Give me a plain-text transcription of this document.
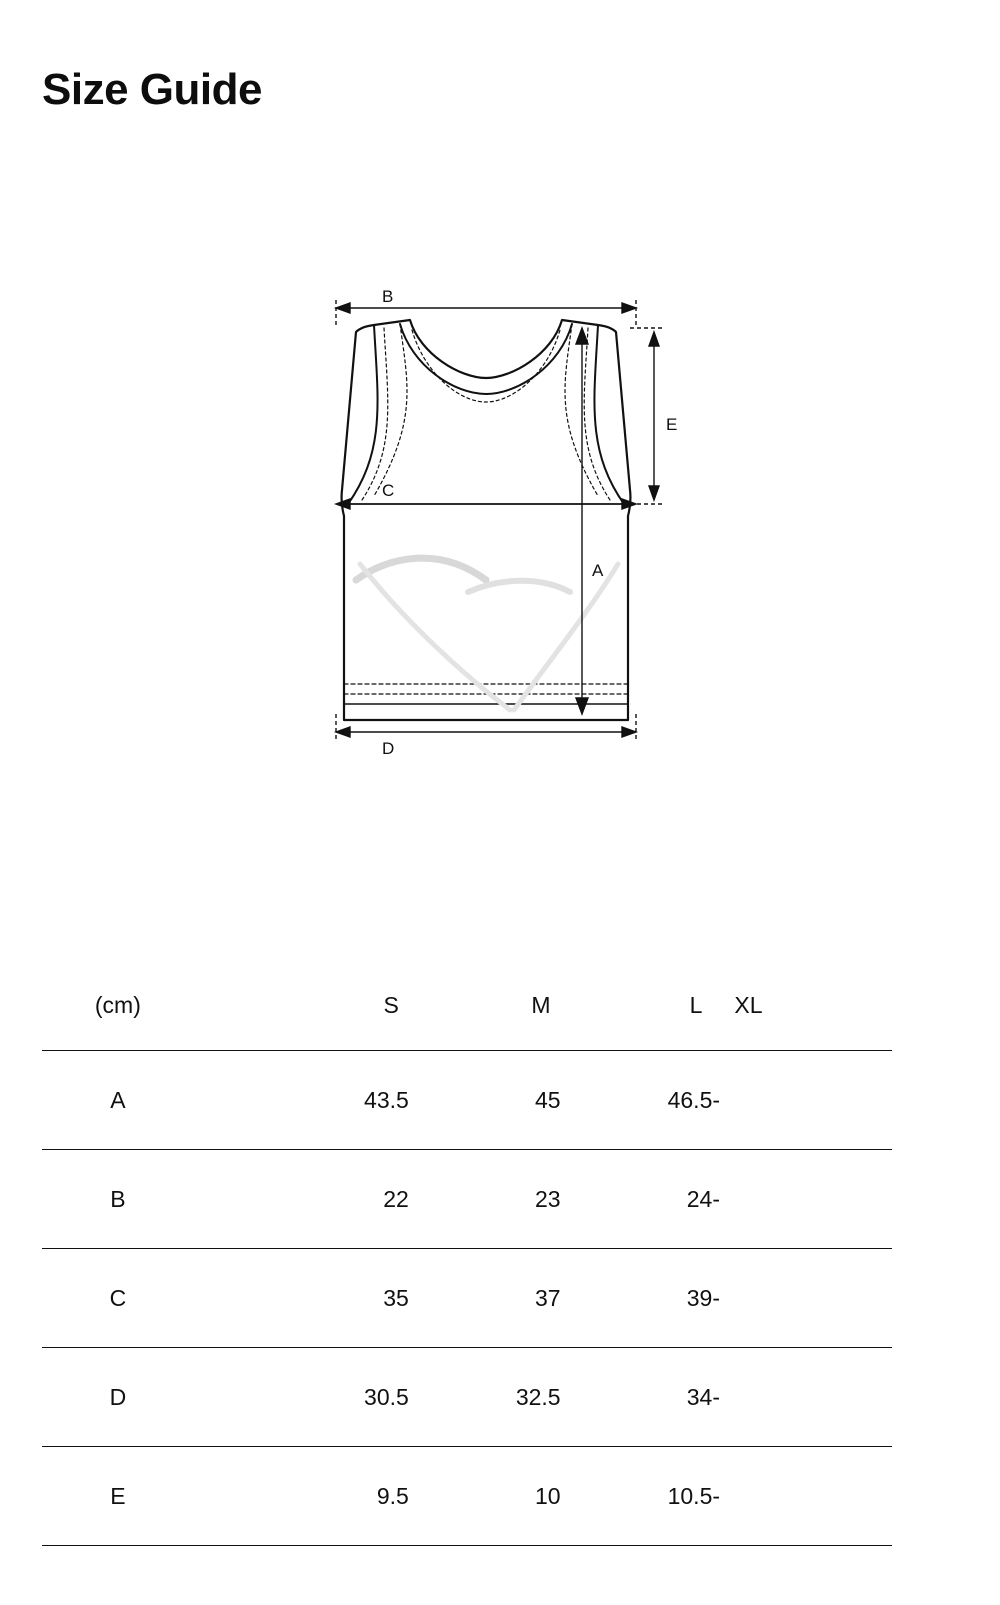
Size Guide
B
E
C
A
D
(cm)	S	M	L	XL
A	43.5	45	46.5	-
B	22	23	24	-
C	35	37	39	-
D	30.5	32.5	34	-
E	9.5	10	10.5	-
